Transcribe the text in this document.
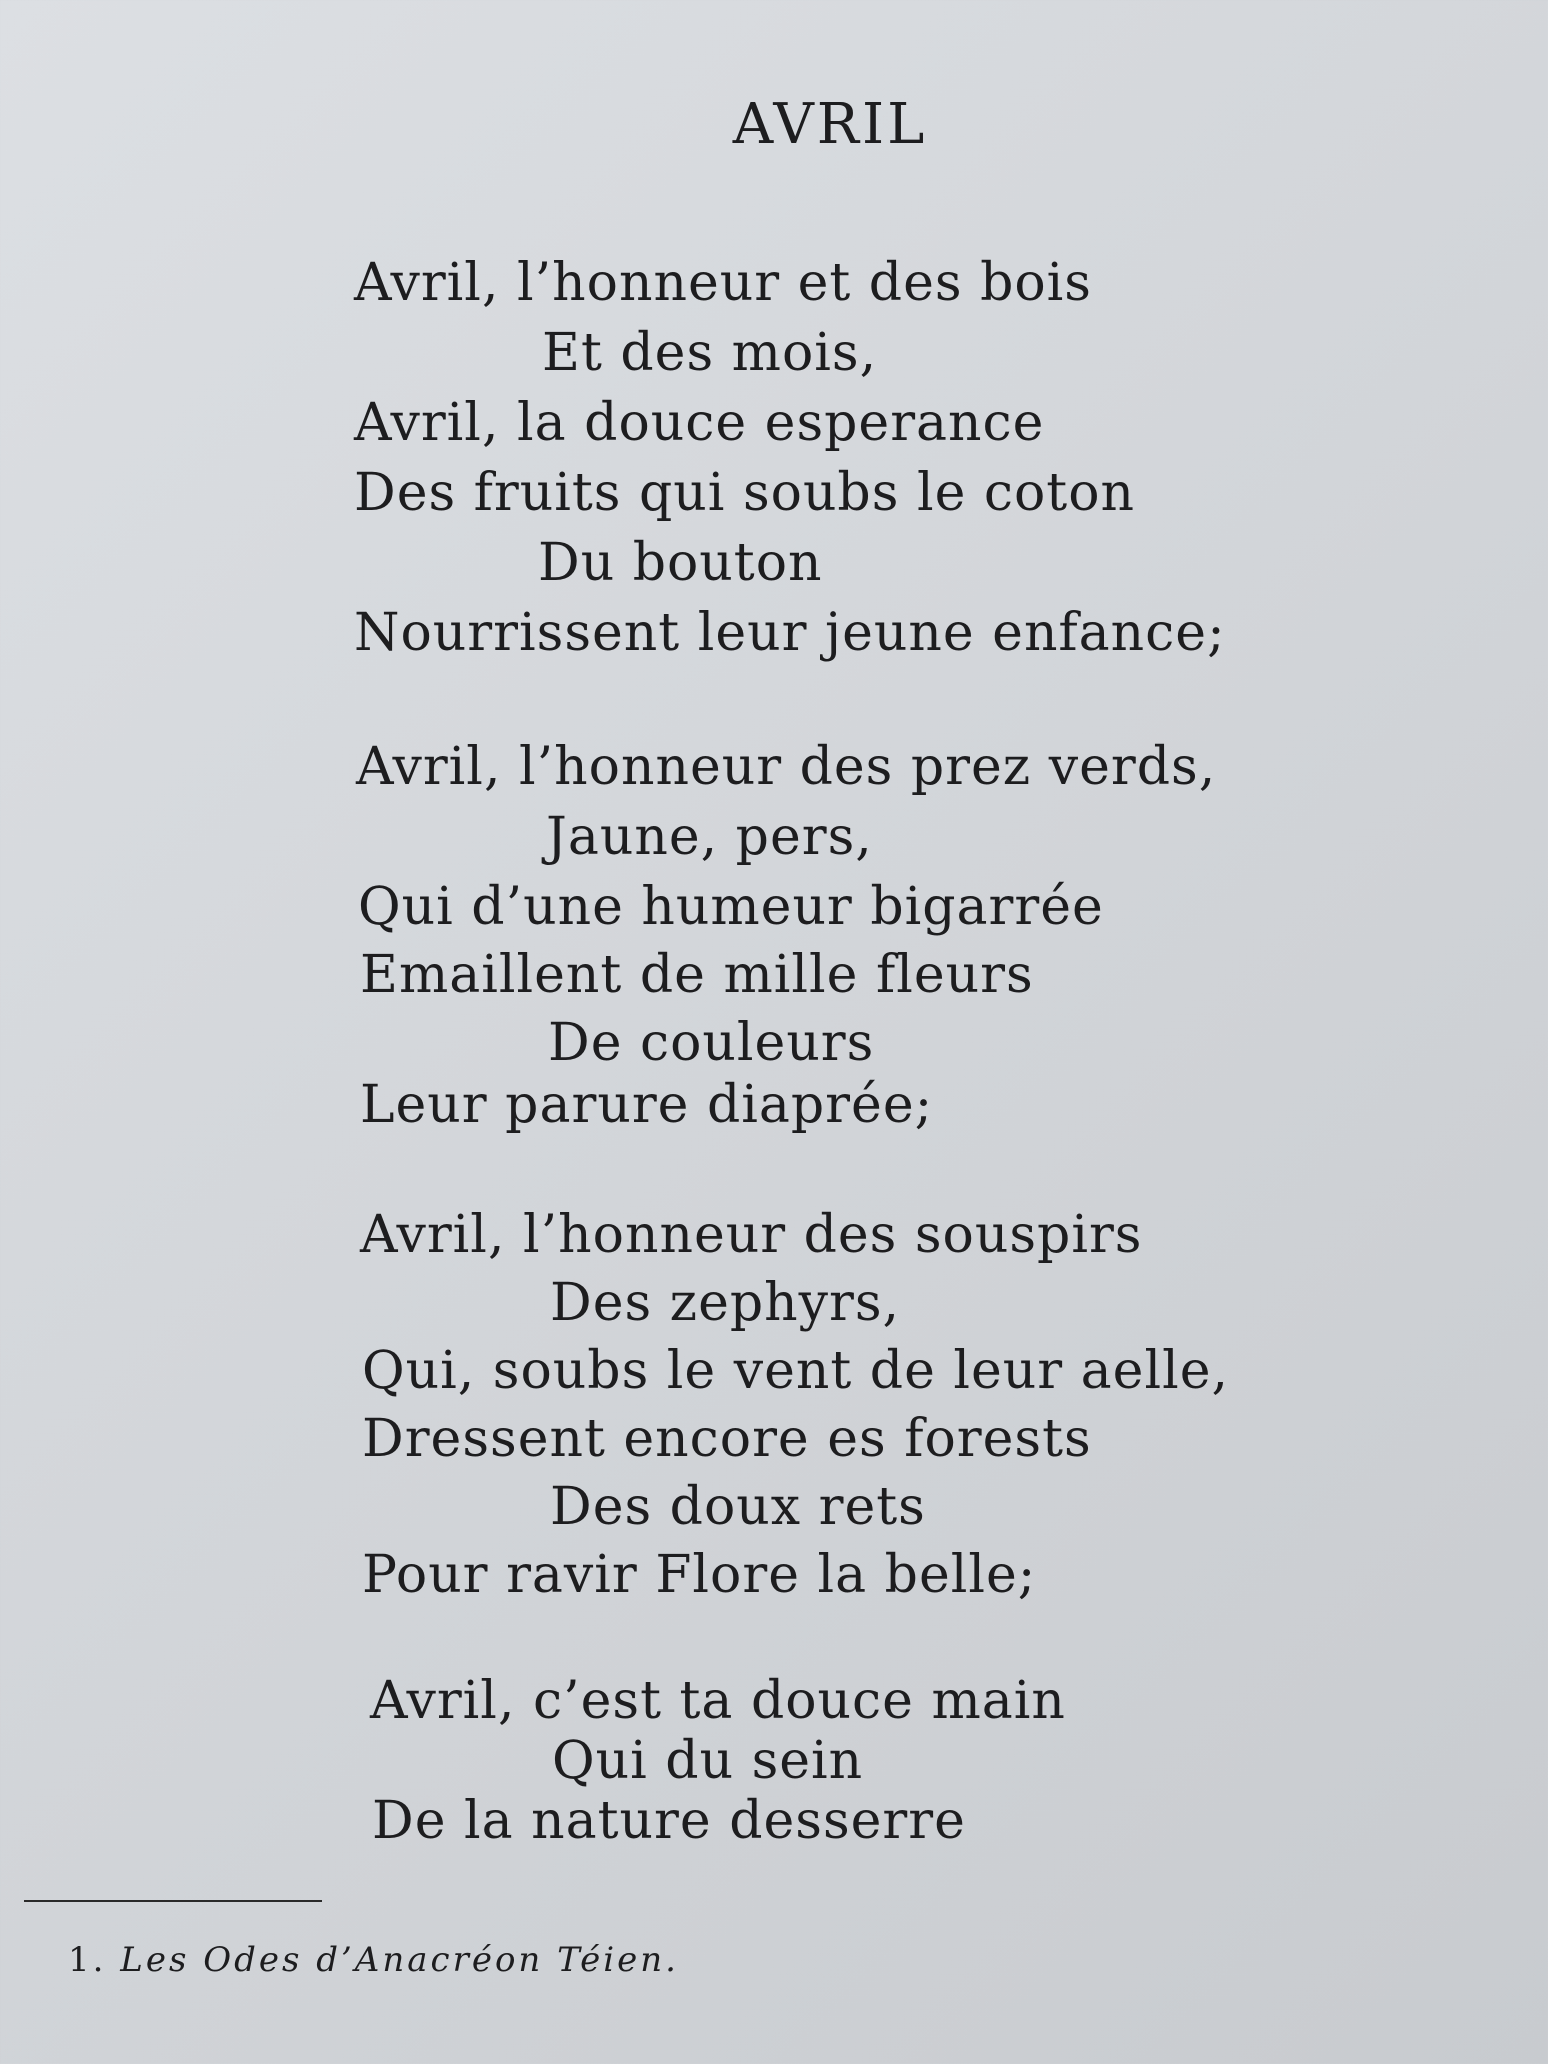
AVRIL
Avril, l’honneur et des bois
Et des mois,
Avril, la douce esperance
Des fruits qui soubs le coton
Du bouton
Nourrissent leur jeune enfance;
Avril, l’honneur des prez verds,
Jaune, pers,
Qui d’une humeur bigarrée
Emaillent de mille fleurs
De couleurs
Leur parure diaprée;
Avril, l’honneur des souspirs
Des zephyrs,
Qui, soubs le vent de leur aelle,
Dressent encore es forests
Des doux rets
Pour ravir Flore la belle;
Avril, c’est ta douce main
Qui du sein
De la nature desserre
1. Les Odes d’Anacréon Téien.
